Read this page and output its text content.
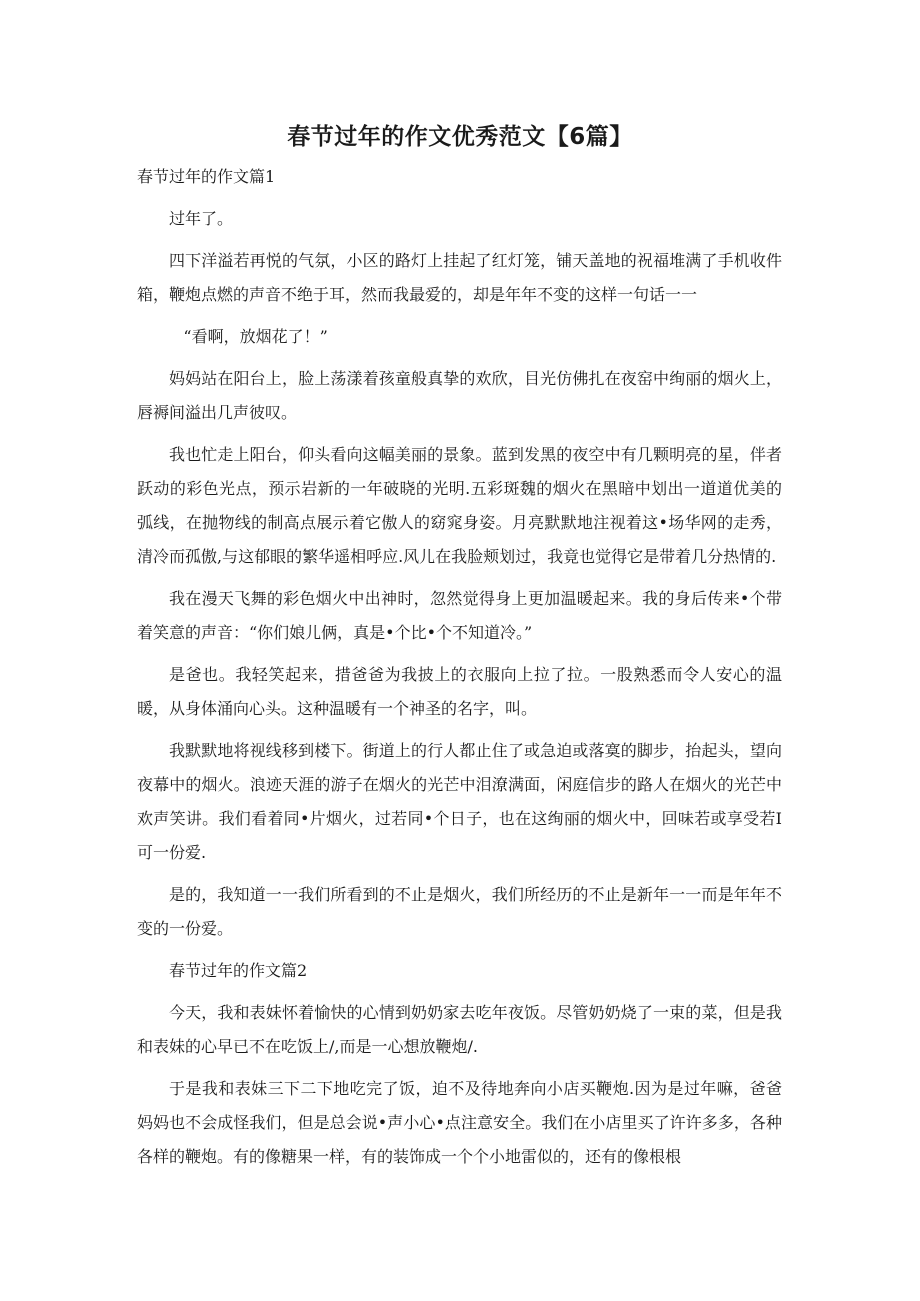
春节过年的作文优秀范文【6篇】

春节过年的作文篇1

过年了。

四下洋溢若再悦的气氛，小区的路灯上挂起了红灯笼，铺天盖地的祝福堆满了手机收件箱，鞭炮点燃的声音不绝于耳，然而我最爱的，却是年年不变的这样一句话一一

“看啊，放烟花了！”

妈妈站在阳台上，脸上荡漾着孩童般真挚的欢欣，目光仿佛扎在夜窑中绚丽的烟火上，唇褥间溢出几声彼叹。

我也忙走上阳台，仰头看向这幅美丽的景象。蓝到发黑的夜空中有几颗明亮的星，伴者跃动的彩色光点，预示岩新的一年破晓的光明.五彩斑魏的烟火在黑暗中划出一道道优美的弧线，在抛物线的制高点展示着它傲人的窈窕身姿。月亮默默地注视着这•场华网的走秀，清冷而孤傲,与这郁眼的繁华遥相呼应.风儿在我脸颊划过，我竟也觉得它是带着几分热情的.

我在漫天飞舞的彩色烟火中出神时，忽然觉得身上更加温暖起来。我的身后传来•个带着笑意的声音：“你们娘儿俩，真是•个比•个不知道冷。”

是爸也。我轻笑起来，措爸爸为我披上的衣服向上拉了拉。一股熟悉而令人安心的温暖，从身体涌向心头。这种温暖有一个神圣的名字，叫。

我默默地将视线移到楼下。街道上的行人都止住了或急迫或落寞的脚步，抬起头，望向夜幕中的烟火。浪迹天涯的游子在烟火的光芒中泪潦满面，闲庭信步的路人在烟火的光芒中欢声笑讲。我们看着同•片烟火，过若同•个日子，也在这绚丽的烟火中，回味若或享受若I可一份爱.

是的，我知道一一我们所看到的不止是烟火，我们所经历的不止是新年一一而是年年不变的一份爱。

春节过年的作文篇2

今天，我和表妹怀着愉快的心情到奶奶家去吃年夜饭。尽管奶奶烧了一束的菜，但是我和表妹的心早已不在吃饭上/,而是一心想放鞭炮/.

于是我和表妹三下二下地吃完了饭，迫不及待地奔向小店买鞭炮.因为是过年嘛，爸爸妈妈也不会成怪我们，但是总会说•声小心•点注意安全。我们在小店里买了许许多多，各种各样的鞭炮。有的像糖果一样，有的装饰成一个个小地雷似的，还有的像根根
